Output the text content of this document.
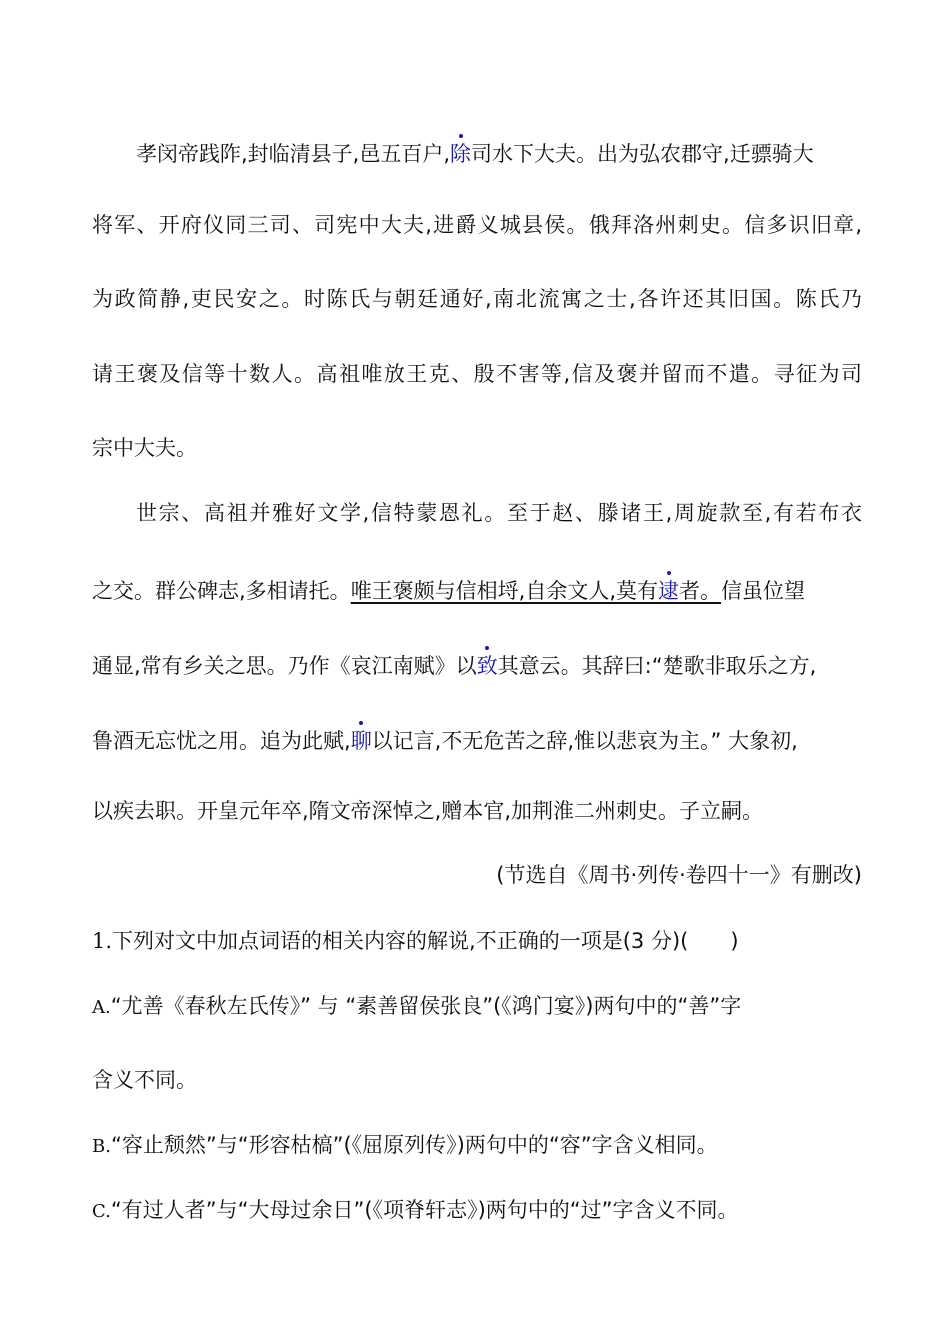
孝闵帝践阼,封临清县子,邑五百户,除司水下大夫。出为弘农郡守,迁骠骑大
将军、开府仪同三司、司宪中大夫,进爵义城县侯。俄拜洛州刺史。信多识旧章,
为政简静,吏民安之。时陈氏与朝廷通好,南北流寓之士,各许还其旧国。陈氏乃
请王褒及信等十数人。高祖唯放王克、殷不害等,信及褒并留而不遣。寻征为司
宗中大夫。
世宗、高祖并雅好文学,信特蒙恩礼。至于赵、滕诸王,周旋款至,有若布衣
之交。群公碑志,多相请托。唯王褒颇与信相埒,自余文人,莫有逮者。信虽位望
通显,常有乡关之思。乃作《哀江南赋》以致其意云。其辞曰:“楚歌非取乐之方,
鲁酒无忘忧之用。追为此赋,聊以记言,不无危苦之辞,惟以悲哀为主。” 大象初,
以疾去职。开皇元年卒,隋文帝深悼之,赠本官,加荆淮二州刺史。子立嗣。
(节选自《周书·列传·卷四十一》有删改)
1.下列对文中加点词语的相关内容的解说,不正确的一项是(3 分)(　　)
A.“尤善《春秋左氏传》” 与 “素善留侯张良”(《鸿门宴》)两句中的“善”字
含义不同。
B.“容止颓然”与“形容枯槁”(《屈原列传》)两句中的“容”字含义相同。
C.“有过人者”与“大母过余日”(《项脊轩志》)两句中的“过”字含义不同。
